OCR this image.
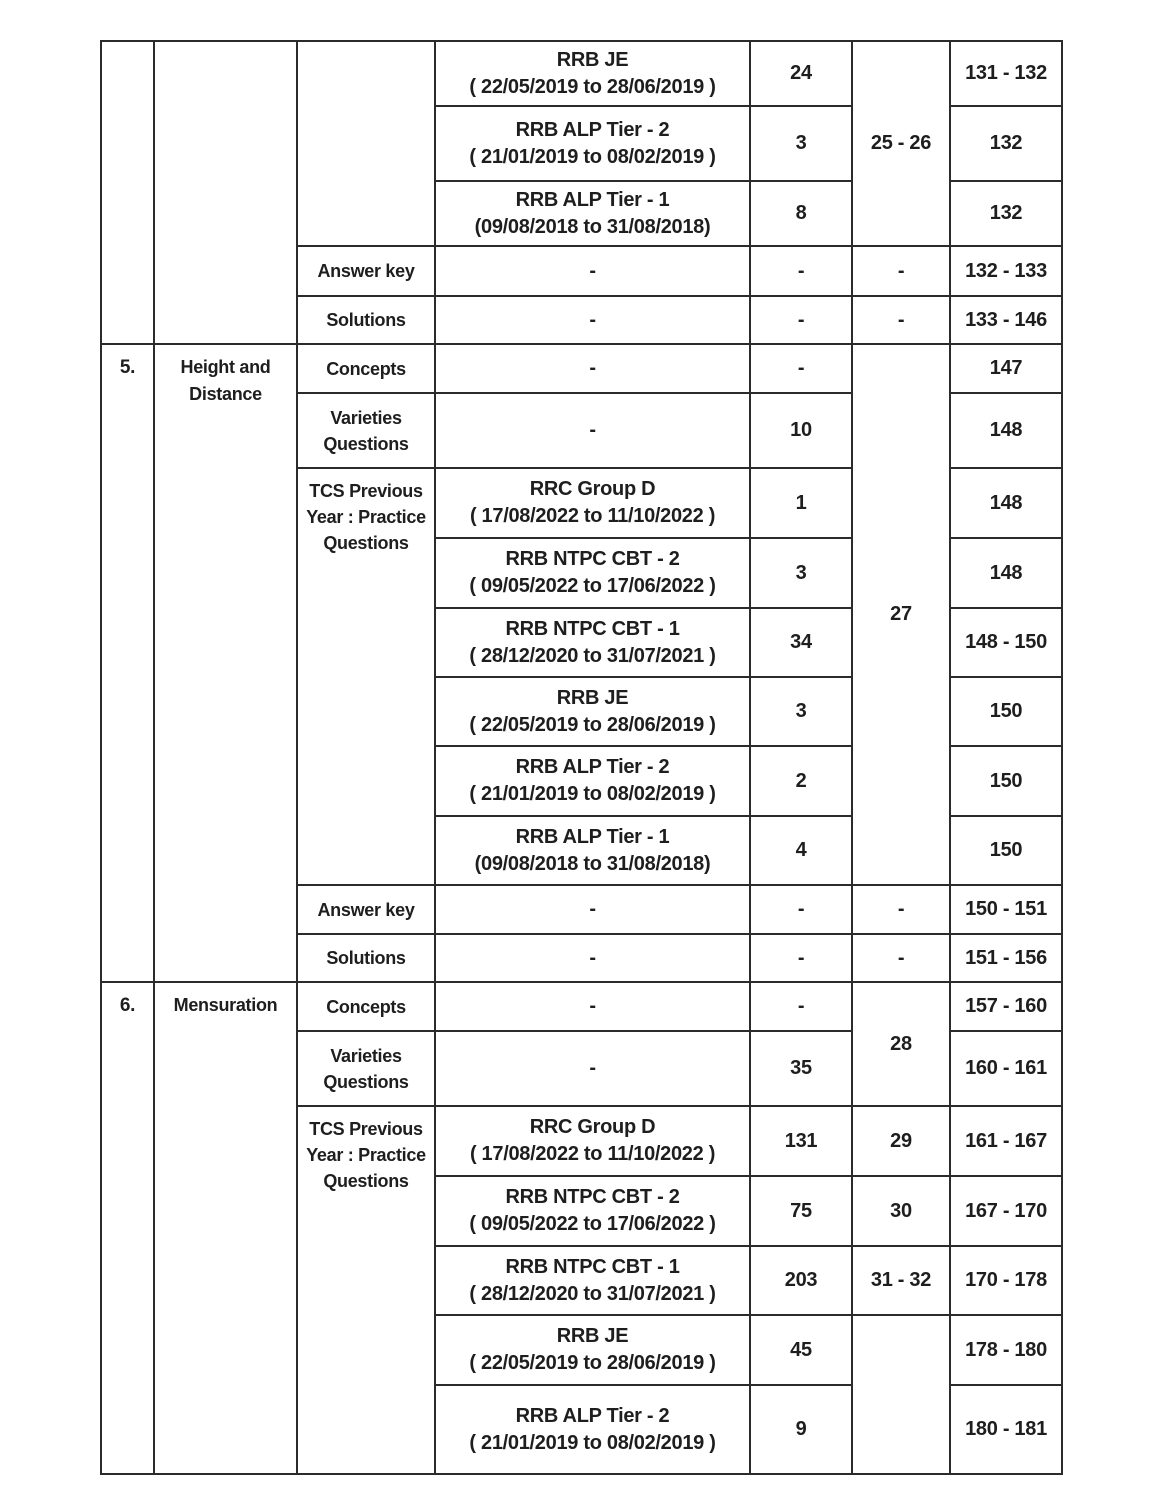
			RRB JE
( 22/05/2019 to 28/06/2019 )	24	25 - 26	131 - 132

			RRB ALP Tier - 2
( 21/01/2019 to 08/02/2019 )	3		132

			RRB ALP Tier - 1
(09/08/2018 to 31/08/2018)	8		132
		Answer key	-	-	-	132 - 133
		Solutions	-	-	-	133 - 146
5.	Height and Distance	Concepts	-	-	27	147
		Varieties Questions	-	10		148
		TCS Previous Year : Practice Questions	RRC Group D
( 17/08/2022 to 11/10/2022 )	1		148

			RRB NTPC CBT - 2
( 09/05/2022 to 17/06/2022 )	3		148

			RRB NTPC CBT - 1
( 28/12/2020 to 31/07/2021 )	34		148 - 150

			RRB JE
( 22/05/2019 to 28/06/2019 )	3		150

			RRB ALP Tier - 2
( 21/01/2019 to 08/02/2019 )	2		150

			RRB ALP Tier - 1
(09/08/2018 to 31/08/2018)	4		150
		Answer key	-	-	-	150 - 151
		Solutions	-	-	-	151 - 156
6.	Mensuration	Concepts	-	-	28	157 - 160
		Varieties Questions	-	35		160 - 161
		TCS Previous Year : Practice Questions	RRC Group D
( 17/08/2022 to 11/10/2022 )	131	29	161 - 167

			RRB NTPC CBT - 2
( 09/05/2022 to 17/06/2022 )	75	30	167 - 170

			RRB NTPC CBT - 1
( 28/12/2020 to 31/07/2021 )	203	31 - 32	170 - 178

			RRB JE
( 22/05/2019 to 28/06/2019 )	45		178 - 180

			RRB ALP Tier - 2
( 21/01/2019 to 08/02/2019 )	9		180 - 181
